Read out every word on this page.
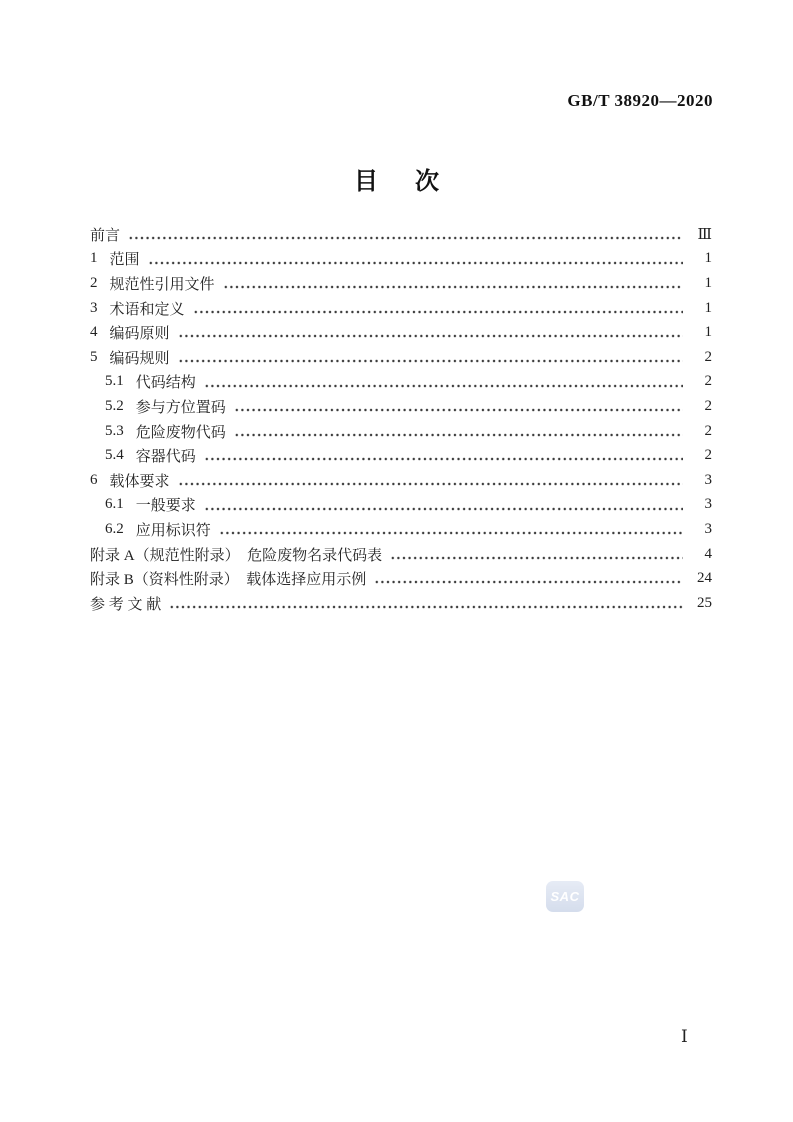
GB/T 38920—2020
目 次
前言	Ⅲ
1 范围	1
2 规范性引用文件	1
3 术语和定义	1
4 编码原则	1
5 编码规则	2
5.1 代码结构	2
5.2 参与方位置码	2
5.3 危险废物代码	2
5.4 容器代码	2
6 载体要求	3
6.1 一般要求	3
6.2 应用标识符	3
附录 A（规范性附录）　危险废物名录代码表	4
附录 B（资料性附录）　载体选择应用示例	24
参 考 文 献	25
SAC
Ⅰ
